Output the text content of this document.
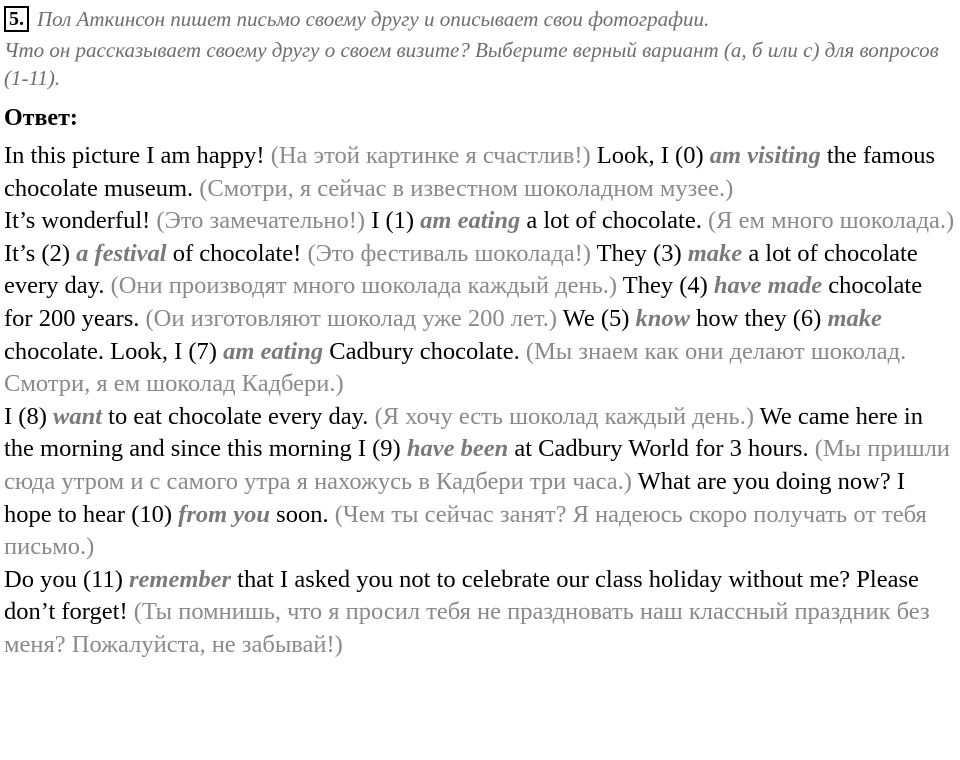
5. Пол Аткинсон пишет письмо своему другу и описывает свои фотографии.
Что он рассказывает своему другу о своем визите? Выберите верный вариант (а, б или с) для вопросов (1-11).
Ответ:

In this picture I am happy! (На этой картинке я счастлив!) Look, I (0) am visiting the famous chocolate museum. (Смотри, я сейчас в известном шоколадном музее.)

It’s wonderful! (Это замечательно!) I (1) am eating a lot of chocolate. (Я ем много шоколада.) It’s (2) a festival of chocolate! (Это фестиваль шоколада!) They (3) make a lot of chocolate every day. (Они производят много шоколада каждый день.) They (4) have made chocolate for 200 years. (Ои изготовляют шоколад уже 200 лет.) We (5) know how they (6) make chocolate. Look, I (7) am eating Cadbury chocolate. (Мы знаем как они делают шоколад. Смотри, я ем шоколад Кадбери.)

I (8) want to eat chocolate every day. (Я хочу есть шоколад каждый день.) We came here in the morning and since this morning I (9) have been at Cadbury World for 3 hours. (Мы пришли сюда утром и с самого утра я нахожусь в Кадбери три часа.) What are you doing now? I hope to hear (10) from you soon. (Чем ты сейчас занят? Я надеюсь скоро получать от тебя письмо.)

Do you (11) remember that I asked you not to celebrate our class holiday without me? Please don’t forget! (Ты помнишь, что я просил тебя не праздновать наш классный праздник без меня? Пожалуйста, не забывай!)
